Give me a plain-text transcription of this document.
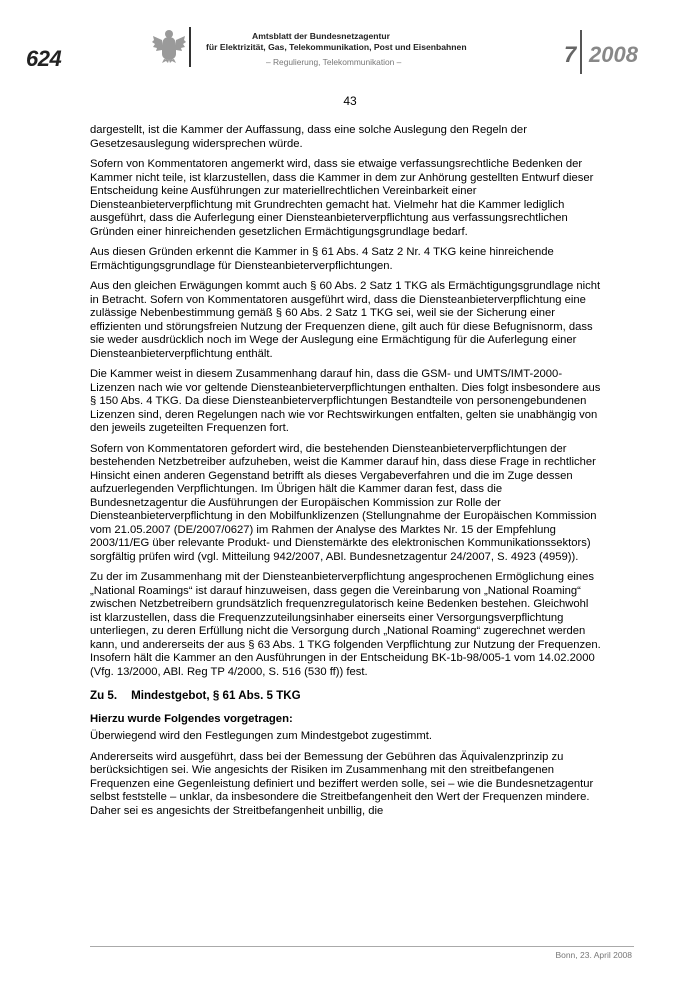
624
Amtsblatt der Bundesnetzagentur
für Elektrizität, Gas, Telekommunikation, Post und Eisenbahnen
– Regulierung, Telekommunikation –	7 2008
43

dargestellt, ist die Kammer der Auffassung, dass eine solche Auslegung den Regeln der Gesetzesauslegung widersprechen würde.

Sofern von Kommentatoren angemerkt wird, dass sie etwaige verfassungsrechtliche Bedenken der Kammer nicht teile, ist klarzustellen, dass die Kammer in dem zur Anhörung gestellten Entwurf dieser Entscheidung keine Ausführungen zur materiellrechtlichen Vereinbarkeit einer Diensteanbieterverpflichtung mit Grundrechten gemacht hat. Vielmehr hat die Kammer lediglich ausgeführt, dass die Auferlegung einer Diensteanbieterverpflichtung aus verfassungsrechtlichen Gründen einer hinreichenden gesetzlichen Ermächtigungsgrundlage bedarf.

Aus diesen Gründen erkennt die Kammer in § 61 Abs. 4 Satz 2 Nr. 4 TKG keine hinreichende Ermächtigungsgrundlage für Diensteanbieterverpflichtungen.

Aus den gleichen Erwägungen kommt auch § 60 Abs. 2 Satz 1 TKG als Ermächtigungsgrundlage nicht in Betracht. Sofern von Kommentatoren ausgeführt wird, dass die Diensteanbieterverpflichtung eine zulässige Nebenbestimmung gemäß § 60 Abs. 2 Satz 1 TKG sei, weil sie der Sicherung einer effizienten und störungsfreien Nutzung der Frequenzen diene, gilt auch für diese Befugnisnorm, dass sie weder ausdrücklich noch im Wege der Auslegung eine Ermächtigung für die Auferlegung einer Diensteanbieterverpflichtung enthält.

Die Kammer weist in diesem Zusammenhang darauf hin, dass die GSM- und UMTS/IMT-2000-Lizenzen nach wie vor geltende Diensteanbieterverpflichtungen enthalten. Dies folgt insbesondere aus § 150 Abs. 4 TKG. Da diese Diensteanbieterverpflichtungen Bestandteile von personengebundenen Lizenzen sind, deren Regelungen nach wie vor Rechtswirkungen entfalten, gelten sie unabhängig von den jeweils zugeteilten Frequenzen fort.

Sofern von Kommentatoren gefordert wird, die bestehenden Diensteanbieterverpflichtungen der bestehenden Netzbetreiber aufzuheben, weist die Kammer darauf hin, dass diese Frage in rechtlicher Hinsicht einen anderen Gegenstand betrifft als dieses Vergabeverfahren und die im Zuge dessen aufzuerlegenden Verpflichtungen. Im Übrigen hält die Kammer daran fest, dass die Bundesnetzagentur die Ausführungen der Europäischen Kommission zur Rolle der Diensteanbieterverpflichtung in den Mobilfunklizenzen (Stellungnahme der Europäischen Kommission vom 21.05.2007 (DE/2007/0627) im Rahmen der Analyse des Marktes Nr. 15 der Empfehlung 2003/11/EG über relevante Produkt- und Dienstemärkte des elektronischen Kommunikationssektors) sorgfältig prüfen wird (vgl. Mitteilung 942/2007, ABl. Bundesnetzagentur 24/2007, S. 4923 (4959)).

Zu der im Zusammenhang mit der Diensteanbieterverpflichtung angesprochenen Ermöglichung eines „National Roamings“ ist darauf hinzuweisen, dass gegen die Vereinbarung von „National Roaming“ zwischen Netzbetreibern grundsätzlich frequenzregulatorisch keine Bedenken bestehen. Gleichwohl ist klarzustellen, dass die Frequenzzuteilungsinhaber einerseits einer Versorgungsverpflichtung unterliegen, zu deren Erfüllung nicht die Versorgung durch „National Roaming“ zugerechnet werden kann, und andererseits der aus § 63 Abs. 1 TKG folgenden Verpflichtung zur Nutzung der Frequenzen. Insofern hält die Kammer an den Ausführungen in der Entscheidung BK-1b-98/005-1 vom 14.02.2000 (Vfg. 13/2000, ABl. Reg TP 4/2000, S. 516 (530 ff)) fest.

Zu 5. Mindestgebot, § 61 Abs. 5 TKG
Hierzu wurde Folgendes vorgetragen:

Überwiegend wird den Festlegungen zum Mindestgebot zugestimmt.

Andererseits wird ausgeführt, dass bei der Bemessung der Gebühren das Äquivalenzprinzip zu berücksichtigen sei. Wie angesichts der Risiken im Zusammenhang mit den streitbefangenen Frequenzen eine Gegenleistung definiert und beziffert werden solle, sei – wie die Bundesnetzagentur selbst feststelle – unklar, da insbesondere die Streitbefangenheit den Wert der Frequenzen mindere. Daher sei es angesichts der Streitbefangenheit unbillig, die

Bonn, 23. April 2008
